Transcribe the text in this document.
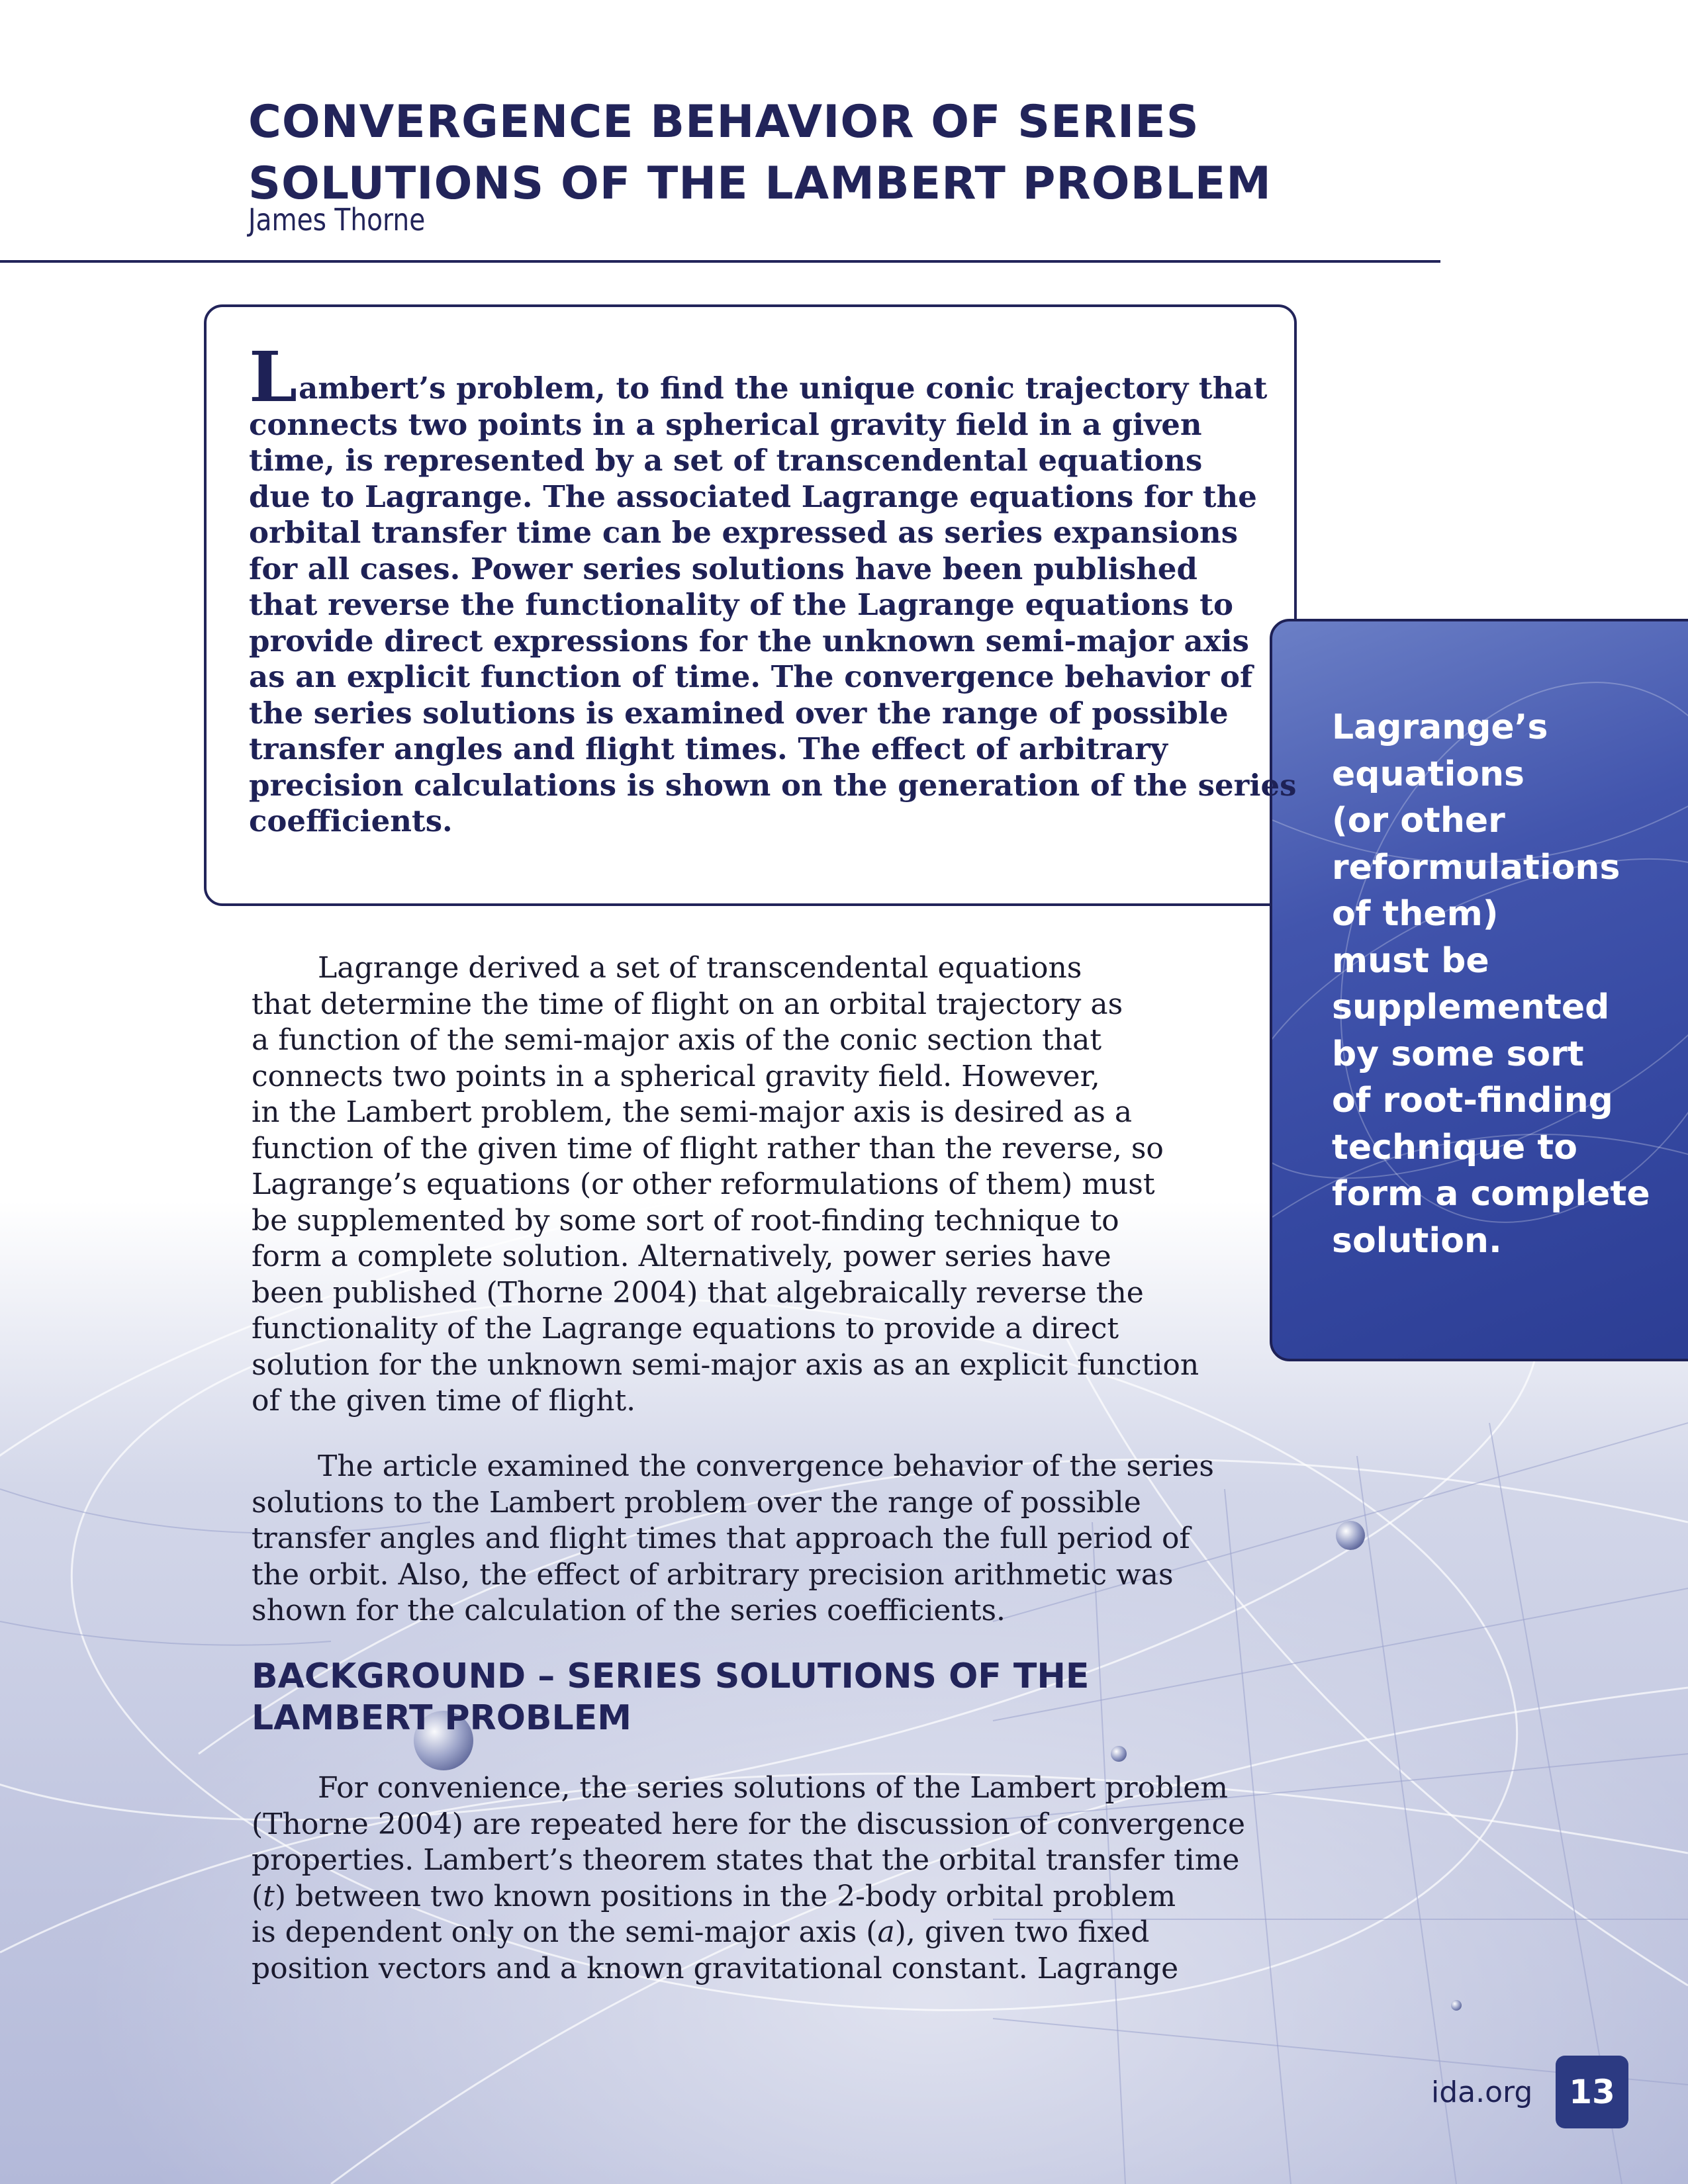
CONVERGENCE BEHAVIOR OF SERIES
SOLUTIONS OF THE LAMBERT PROBLEM
James Thorne

Lambert’s problem, to find the unique conic trajectory that
connects two points in a spherical gravity field in a given
time, is represented by a set of transcendental equations
due to Lagrange. The associated Lagrange equations for the
orbital transfer time can be expressed as series expansions
for all cases. Power series solutions have been published
that reverse the functionality of the Lagrange equations to
provide direct expressions for the unknown semi-major axis
as an explicit function of time. The convergence behavior of
the series solutions is examined over the range of possible
transfer angles and flight times. The effect of arbitrary
precision calculations is shown on the generation of the series
coefficients.

Lagrange’s
equations
(or other
reformulations
of them)
must be
supplemented
by some sort
of root-finding
technique to
form a complete
solution.

Lagrange derived a set of transcendental equations
that determine the time of flight on an orbital trajectory as
a function of the semi-major axis of the conic section that
connects two points in a spherical gravity field. However,
in the Lambert problem, the semi-major axis is desired as a
function of the given time of flight rather than the reverse, so
Lagrange’s equations (or other reformulations of them) must
be supplemented by some sort of root-finding technique to
form a complete solution. Alternatively, power series have
been published (Thorne 2004) that algebraically reverse the
functionality of the Lagrange equations to provide a direct
solution for the unknown semi-major axis as an explicit function
of the given time of flight.

The article examined the convergence behavior of the series
solutions to the Lambert problem over the range of possible
transfer angles and flight times that approach the full period of
the orbit. Also, the effect of arbitrary precision arithmetic was
shown for the calculation of the series coefficients.

BACKGROUND – SERIES SOLUTIONS OF THE
LAMBERT PROBLEM

For convenience, the series solutions of the Lambert problem
(Thorne 2004) are repeated here for the discussion of convergence
properties. Lambert’s theorem states that the orbital transfer time
(t) between two known positions in the 2-body orbital problem
is dependent only on the semi-major axis (a), given two fixed
position vectors and a known gravitational constant. Lagrange

ida.org 13
